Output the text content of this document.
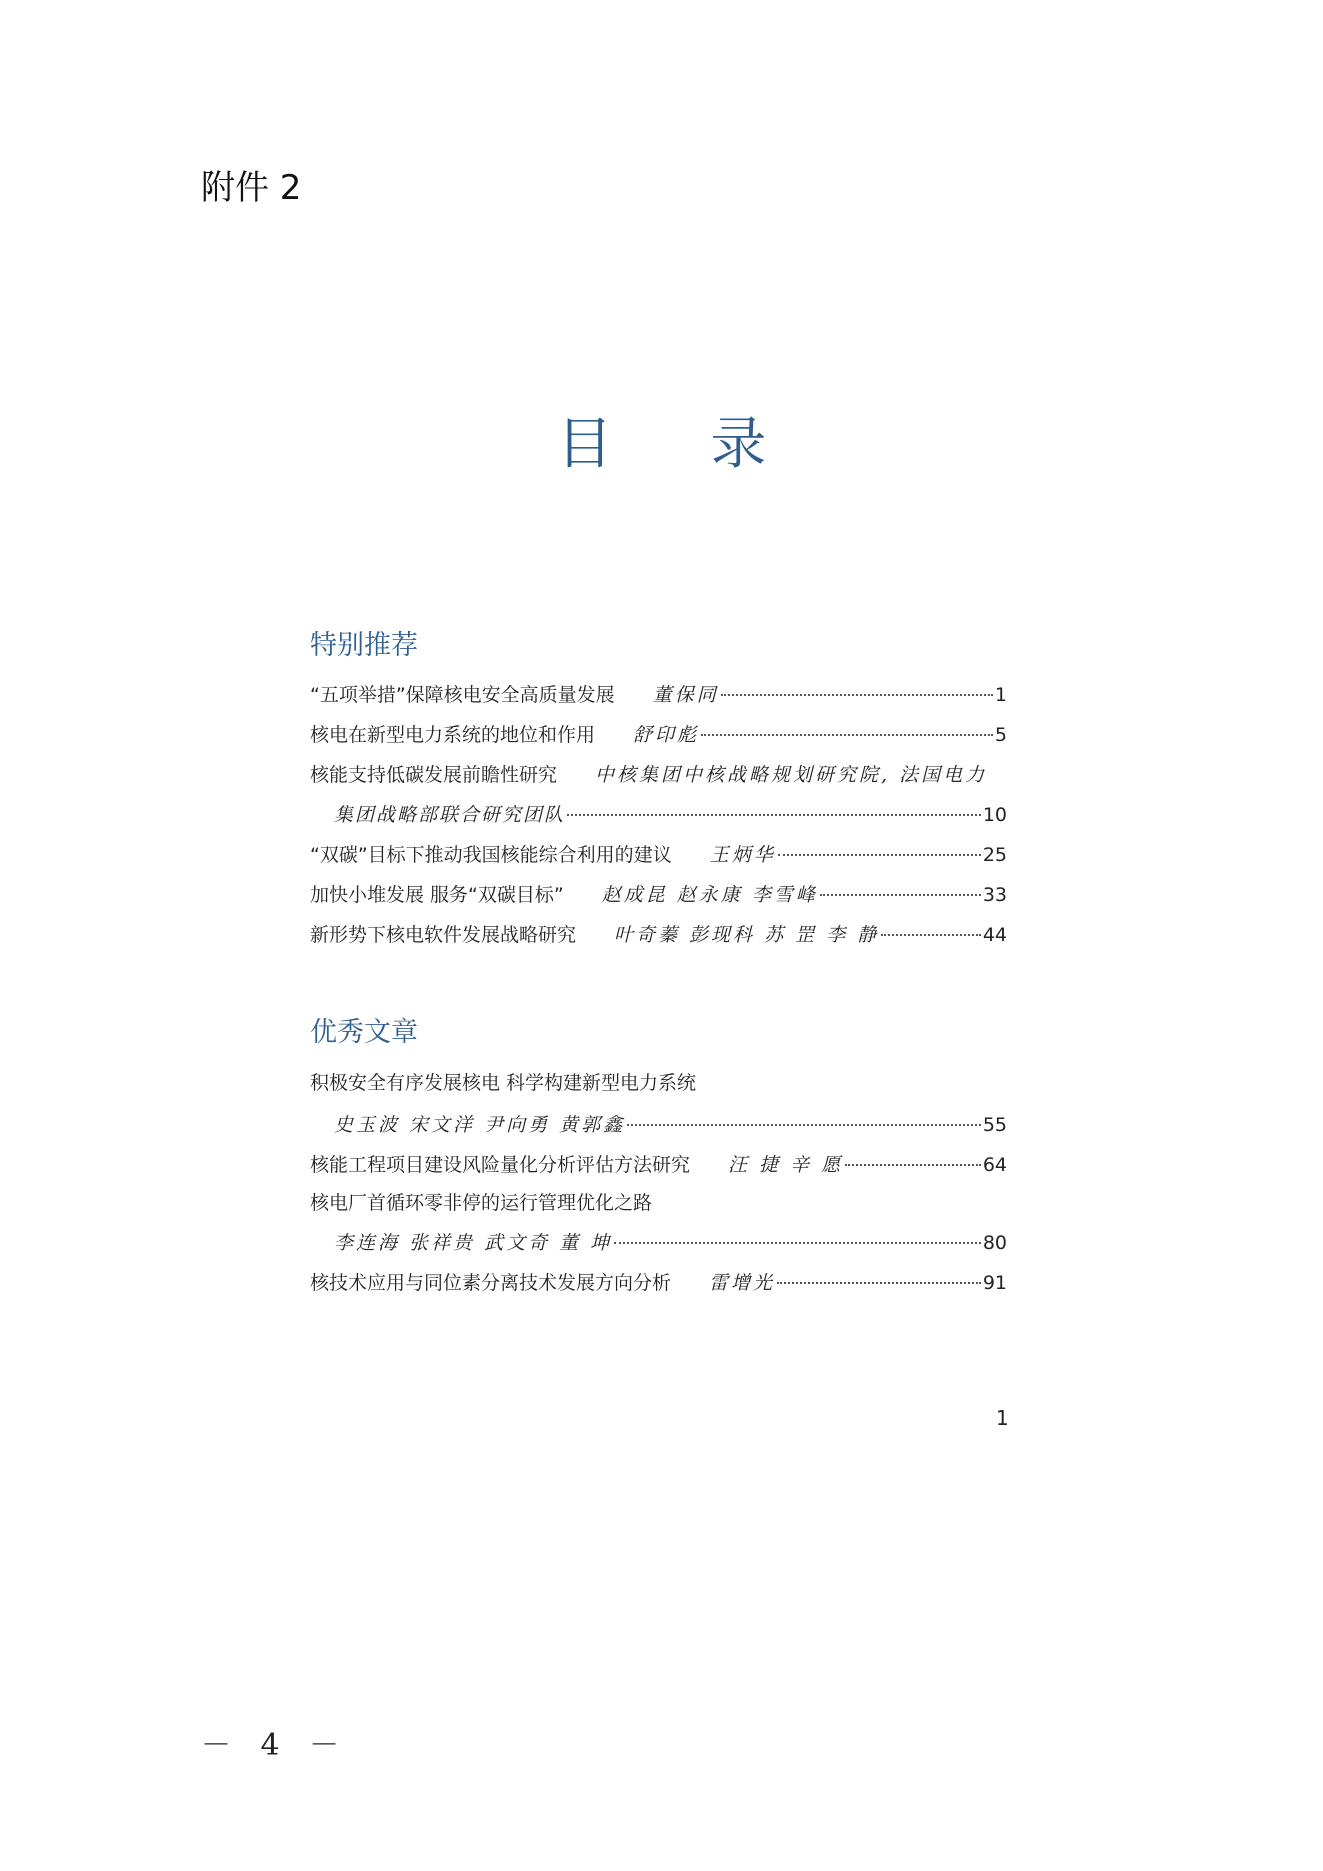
附件 2
目 录
特别推荐
“五项举措”保障核电安全高质量发展 董保同	1
核电在新型电力系统的地位和作用 舒印彪	5
核能支持低碳发展前瞻性研究 中核集团中核战略规划研究院, 法国电力
集团战略部联合研究团队	10
“双碳”目标下推动我国核能综合利用的建议 王炳华	25
加快小堆发展 服务“双碳目标” 赵成昆 赵永康 李雪峰	33
新形势下核电软件发展战略研究 叶奇蓁 彭现科 苏 罡 李 静	44
优秀文章
积极安全有序发展核电 科学构建新型电力系统
史玉波 宋文洋 尹向勇 黄郭鑫	55
核能工程项目建设风险量化分析评估方法研究 汪 捷 辛 愿	64
核电厂首循环零非停的运行管理优化之路
李连海 张祥贵 武文奇 董 坤	80
核技术应用与同位素分离技术发展方向分析 雷增光	91
1
－ 4 －
